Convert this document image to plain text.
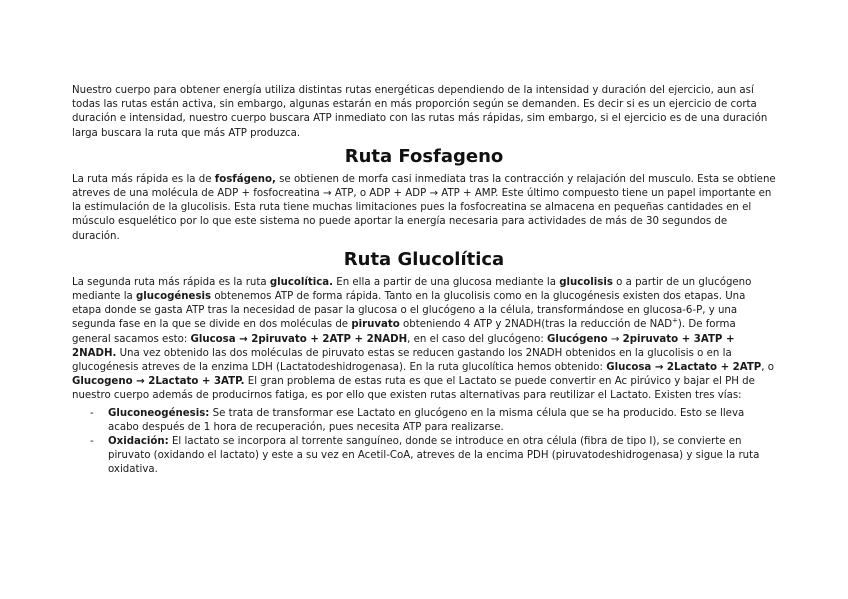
Nuestro cuerpo para obtener energía utiliza distintas rutas energéticas dependiendo de la intensidad y duración del ejercicio, aun así todas las rutas están activa, sin embargo, algunas estarán en más proporción según se demanden. Es decir si es un ejercicio de corta duración e intensidad, nuestro cuerpo buscara ATP inmediato con las rutas más rápidas, sim embargo, si el ejercicio es de una duración larga buscara la ruta que más ATP produzca.

Ruta Fosfageno

La ruta más rápida es la de fosfágeno, se obtienen de morfa casi inmediata tras la contracción y relajación del musculo. Esta se obtiene atreves de una molécula de ADP + fosfocreatina → ATP, o ADP + ADP → ATP + AMP. Este último compuesto tiene un papel importante en la estimulación de la glucolisis. Esta ruta tiene muchas limitaciones pues la fosfocreatina se almacena en pequeñas cantidades en el músculo esquelético por lo que este sistema no puede aportar la energía necesaria para actividades de más de 30 segundos de duración.

Ruta Glucolítica

La segunda ruta más rápida es la ruta glucolítica. En ella a partir de una glucosa mediante la glucolisis o a partir de un glucógeno mediante la glucogénesis obtenemos ATP de forma rápida. Tanto en la glucolisis como en la glucogénesis existen dos etapas. Una etapa donde se gasta ATP tras la necesidad de pasar la glucosa o el glucógeno a la célula, transformándose en glucosa-6-P, y una segunda fase en la que se divide en dos moléculas de piruvato obteniendo 4 ATP y 2NADH(tras la reducción de NAD+). De forma general sacamos esto: Glucosa → 2piruvato + 2ATP + 2NADH, en el caso del glucógeno: Glucógeno → 2piruvato + 3ATP + 2NADH. Una vez obtenido las dos moléculas de piruvato estas se reducen gastando los 2NADH obtenidos en la glucolisis o en la glucogénesis atreves de la enzima LDH (Lactatodeshidrogenasa). En la ruta glucolítica hemos obtenido: Glucosa → 2Lactato + 2ATP, o Glucogeno → 2Lactato + 3ATP. El gran problema de estas ruta es que el Lactato se puede convertir en Ac pirúvico y bajar el PH de nuestro cuerpo además de producirnos fatiga, es por ello que existen rutas alternativas para reutilizar el Lactato. Existen tres vías:

- Gluconeogénesis: Se trata de transformar ese Lactato en glucógeno en la misma célula que se ha producido. Esto se lleva acabo después de 1 hora de recuperación, pues necesita ATP para realizarse.
- Oxidación: El lactato se incorpora al torrente sanguíneo, donde se introduce en otra célula (fibra de tipo I), se convierte en piruvato (oxidando el lactato) y este a su vez en Acetil-CoA, atreves de la encima PDH (piruvatodeshidrogenasa) y sigue la ruta oxidativa.
